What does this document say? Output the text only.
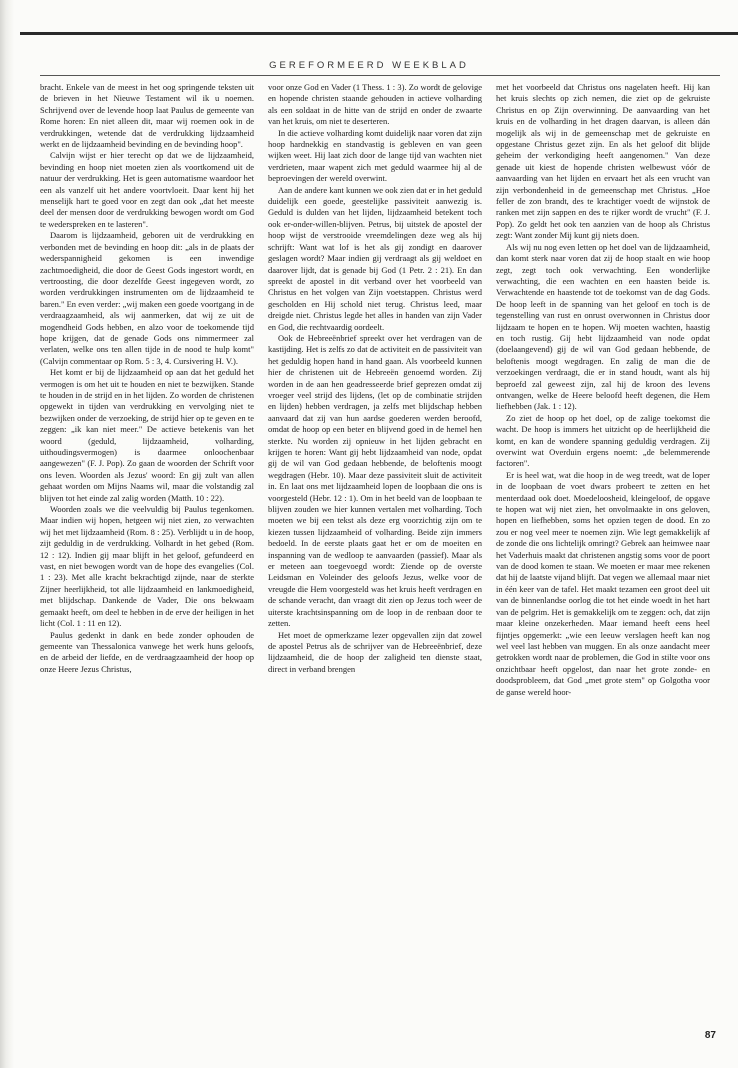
GEREFORMEERD WEEKBLAD

bracht. Enkele van de meest in het oog springende teksten uit de brieven in het Nieuwe Testament wil ik u noemen. Schrijvend over de levende hoop laat Paulus de gemeente van Rome horen: En niet alleen dit, maar wij roemen ook in de verdrukkingen, wetende dat de verdrukking lijdzaamheid werkt en de lijdzaamheid bevinding en de bevinding hoop".

Calvijn wijst er hier terecht op dat we de lijdzaamheid, bevinding en hoop niet moeten zien als voortkomend uit de natuur der verdrukking. Het is geen automatisme waardoor het een als vanzelf uit het andere voortvloeit. Daar kent hij het menselijk hart te goed voor en zegt dan ook „dat het meeste deel der mensen door de verdrukking bewogen wordt om God te wederspreken en te lasteren".

Daarom is lijdzaamheid, geboren uit de verdrukking en verbonden met de bevinding en hoop dit: „als in de plaats der wederspannigheid gekomen is een inwendige zachtmoedigheid, die door de Geest Gods ingestort wordt, en vertroosting, die door dezelfde Geest ingegeven wordt, zo worden verdrukkingen instrumenten om de lijdzaamheid te baren." En even verder: „wij maken een goede voortgang in de verdraagzaamheid, als wij aanmerken, dat wij ze uit de mogendheid Gods hebben, en alzo voor de toekomende tijd hope krijgen, dat de genade Gods ons nimmermeer zal verlaten, welke ons ten allen tijde in de nood te hulp komt" (Calvijn commentaar op Rom. 5 : 3, 4. Cursivering H. V.).

Het komt er bij de lijdzaamheid op aan dat het geduld het vermogen is om het uit te houden en niet te bezwijken. Stande te houden in de strijd en in het lijden. Zo worden de christenen opgewekt in tijden van verdrukking en vervolging niet te bezwijken onder de verzoeking, de strijd hier op te geven en te zeggen: „ik kan niet meer." De actieve betekenis van het woord (geduld, lijdzaamheid, volharding, uithoudingsvermogen) is daarmee onloochenbaar aangewezen" (F. J. Pop). Zo gaan de woorden der Schrift voor ons leven. Woorden als Jezus' woord: En gij zult van allen gehaat worden om Mijns Naams wil, maar die volstandig zal blijven tot het einde zal zalig worden (Matth. 10 : 22).

Woorden zoals we die veelvuldig bij Paulus tegenkomen. Maar indien wij hopen, hetgeen wij niet zien, zo verwachten wij het met lijdzaamheid (Rom. 8 : 25). Verblijdt u in de hoop, zijt geduldig in de verdrukking. Volhardt in het gebed (Rom. 12 : 12). Indien gij maar blijft in het geloof, gefundeerd en vast, en niet bewogen wordt van de hope des evangelies (Col. 1 : 23). Met alle kracht bekrachtigd zijnde, naar de sterkte Zijner heerlijkheid, tot alle lijdzaamheid en lankmoedigheid, met blijdschap. Dankende de Vader, Die ons bekwaam gemaakt heeft, om deel te hebben in de erve der heiligen in het licht (Col. 1 : 11 en 12).

Paulus gedenkt in dank en bede zonder ophouden de gemeente van Thessalonica vanwege het werk huns geloofs, en de arbeid der liefde, en de verdraagzaamheid der hoop op onze Heere Jezus Christus,

voor onze God en Vader (1 Thess. 1 : 3). Zo wordt de gelovige en hopende christen staande gehouden in actieve volharding als een soldaat in de hitte van de strijd en onder de zwaarte van het kruis, om niet te deserteren.

In die actieve volharding komt duidelijk naar voren dat zijn hoop hardnekkig en standvastig is gebleven en van geen wijken weet. Hij laat zich door de lange tijd van wachten niet verdrieten, maar wapent zich met geduld waarmee hij al de beproevingen der wereld overwint.

Aan de andere kant kunnen we ook zien dat er in het geduld duidelijk een goede, geestelijke passiviteit aanwezig is. Geduld is dulden van het lijden, lijdzaamheid betekent toch ook er-onder-willen-blijven. Petrus, bij uitstek de apostel der hoop wijst de verstrooide vreemdelingen deze weg als hij schrijft: Want wat lof is het als gij zondigt en daarover geslagen wordt? Maar indien gij verdraagt als gij weldoet en daarover lijdt, dat is genade bij God (1 Petr. 2 : 21). En dan spreekt de apostel in dit verband over het voorbeeld van Christus en het volgen van Zijn voetstappen. Christus werd gescholden en Hij schold niet terug. Christus leed, maar dreigde niet. Christus legde het alles in handen van zijn Vader en God, die rechtvaardig oordeelt.

Ook de Hebreeënbrief spreekt over het verdragen van de kastijding. Het is zelfs zo dat de activiteit en de passiviteit van het geduldig hopen hand in hand gaan. Als voorbeeld kunnen hier de christenen uit de Hebreeën genoemd worden. Zij worden in de aan hen geadresseerde brief geprezen omdat zij vroeger veel strijd des lijdens, (let op de combinatie strijden en lijden) hebben verdragen, ja zelfs met blijdschap hebben aanvaard dat zij van hun aardse goederen werden beroofd, omdat de hoop op een beter en blijvend goed in de hemel hen sterkte. Nu worden zij opnieuw in het lijden gebracht en krijgen te horen: Want gij hebt lijdzaamheid van node, opdat gij de wil van God gedaan hebbende, de beloftenis moogt wegdragen (Hebr. 10). Maar deze passiviteit sluit de activiteit in. En laat ons met lijdzaamheid lopen de loopbaan die ons is voorgesteld (Hebr. 12 : 1). Om in het beeld van de loopbaan te blijven zouden we hier kunnen vertalen met volharding. Toch moeten we bij een tekst als deze erg voorzichtig zijn om te kiezen tussen lijdzaamheid of volharding. Beide zijn immers bedoeld. In de eerste plaats gaat het er om de moeiten en inspanning van de wedloop te aanvaarden (passief). Maar als er meteen aan toegevoegd wordt: Ziende op de overste Leidsman en Voleinder des geloofs Jezus, welke voor de vreugde die Hem voorgesteld was het kruis heeft verdragen en de schande veracht, dan vraagt dit zien op Jezus toch weer de uiterste krachtsinspanning om de loop in de renbaan door te zetten.

Het moet de opmerkzame lezer opgevallen zijn dat zowel de apostel Petrus als de schrijver van de Hebreeënbrief, deze lijdzaamheid, die de hoop der zaligheid ten dienste staat, direct in verband brengen

met het voorbeeld dat Christus ons nagelaten heeft. Hij kan het kruis slechts op zich nemen, die ziet op de gekruiste Christus en op Zijn overwinning. De aanvaarding van het kruis en de volharding in het dragen daarvan, is alleen dán mogelijk als wij in de gemeenschap met de gekruiste en opgestane Christus gezet zijn. En als het geloof dit blijde geheim der verkondiging heeft aangenomen." Van deze genade uit kiest de hopende christen welbewust vóór de aanvaarding van het lijden en ervaart het als een vrucht van zijn verbondenheid in de gemeenschap met Christus. „Hoe feller de zon brandt, des te krachtiger voedt de wijnstok de ranken met zijn sappen en des te rijker wordt de vrucht" (F. J. Pop). Zo geldt het ook ten aanzien van de hoop als Christus zegt: Want zonder Mij kunt gij niets doen.

Als wij nu nog even letten op het doel van de lijdzaamheid, dan komt sterk naar voren dat zij de hoop staalt en wie hoop zegt, zegt toch ook verwachting. Een wonderlijke verwachting, die een wachten en een haasten beide is. Verwachtende en haastende tot de toekomst van de dag Gods. De hoop leeft in de spanning van het geloof en toch is de tegenstelling van rust en onrust overwonnen in Christus door lijdzaam te hopen en te hopen. Wij moeten wachten, haastig en toch rustig. Gij hebt lijdzaamheid van node opdat (doelaangevend) gij de wil van God gedaan hebbende, de beloftenis moogt wegdragen. En zalig de man die de verzoekingen verdraagt, die er in stand houdt, want als hij beproefd zal geweest zijn, zal hij de kroon des levens ontvangen, welke de Heere beloofd heeft degenen, die Hem liefhebben (Jak. 1 : 12).

Zo ziet de hoop op het doel, op de zalige toekomst die wacht. De hoop is immers het uitzicht op de heerlijkheid die komt, en kan de wondere spanning geduldig verdragen. Zij overwint wat Overduin ergens noemt: „de belemmerende factoren".

Er is heel wat, wat die hoop in de weg treedt, wat de loper in de loopbaan de voet dwars probeert te zetten en het menterdaad ook doet. Moedeloosheid, kleingeloof, de opgave te hopen wat wij niet zien, het onvolmaakte in ons geloven, hopen en liefhebben, soms het opzien tegen de dood. En zo zou er nog veel meer te noemen zijn. Wie legt gemakkelijk af de zonde die ons lichtelijk omringt? Gebrek aan heimwee naar het Vaderhuis maakt dat christenen angstig soms voor de poort van de dood komen te staan. We moeten er maar mee rekenen dat hij de laatste vijand blijft. Dat vegen we allemaal maar niet in één keer van de tafel. Het maakt tezamen een groot deel uit van de binnenlandse oorlog die tot het einde woedt in het hart van de pelgrim. Het is gemakkelijk om te zeggen: och, dat zijn maar kleine onzekerheden. Maar iemand heeft eens heel fijntjes opgemerkt: „wie een leeuw verslagen heeft kan nog wel veel last hebben van muggen. En als onze aandacht meer getrokken wordt naar de problemen, die God in stilte voor ons onzichtbaar heeft opgelost, dan naar het grote zonde- en doodsprobleem, dat God „met grote stem" op Golgotha voor de ganse wereld hoor-

87
